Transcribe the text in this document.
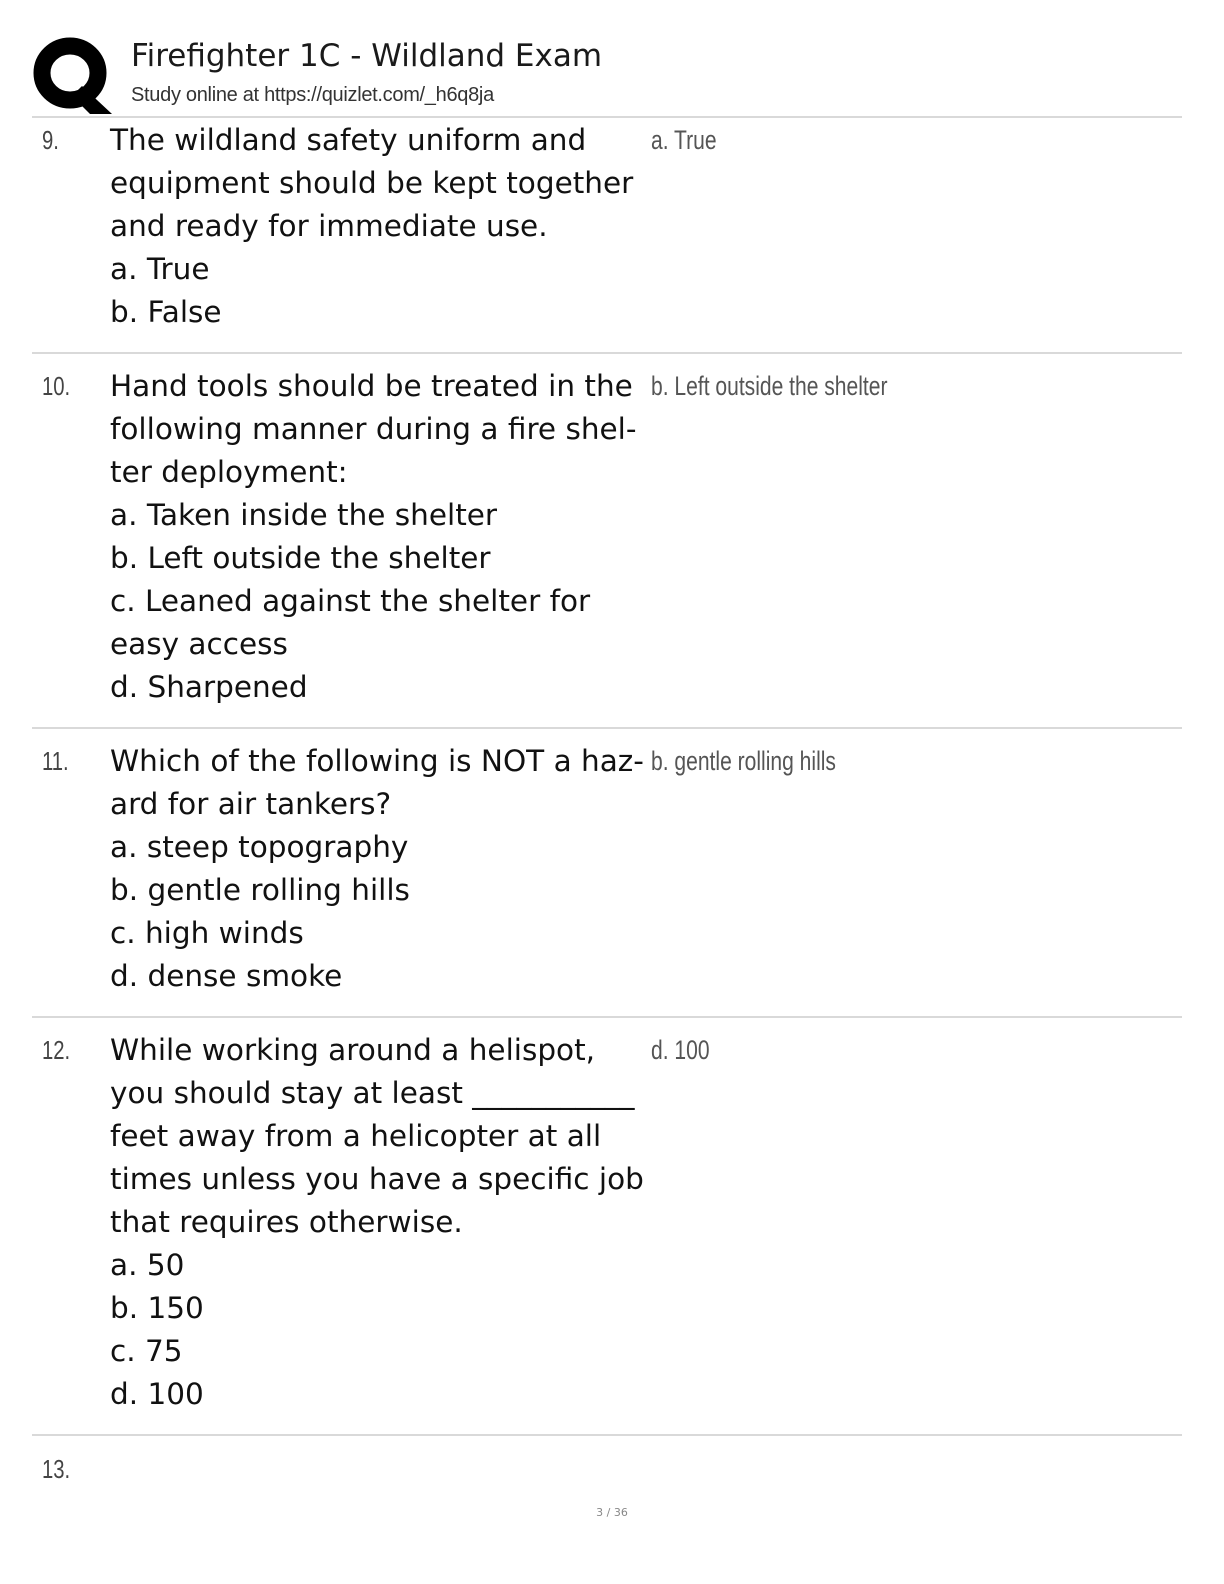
Firefighter 1C - Wildland Exam
Study online at https://quizlet.com/_h6q8ja
9. The wildland safety uniform and
equipment should be kept together
and ready for immediate use.
a. True
b. False
a. True
10. Hand tools should be treated in the
following manner during a fire shel-
ter deployment:
a. Taken inside the shelter
b. Left outside the shelter
c. Leaned against the shelter for
easy access
d. Sharpened
b. Left outside the shelter
11. Which of the following is NOT a haz-
ard for air tankers?
a. steep topography
b. gentle rolling hills
c. high winds
d. dense smoke
b. gentle rolling hills
12. While working around a helispot,
you should stay at least ___________
feet away from a helicopter at all
times unless you have a specific job
that requires otherwise.
a. 50
b. 150
c. 75
d. 100
d. 100
13.
3 / 36
